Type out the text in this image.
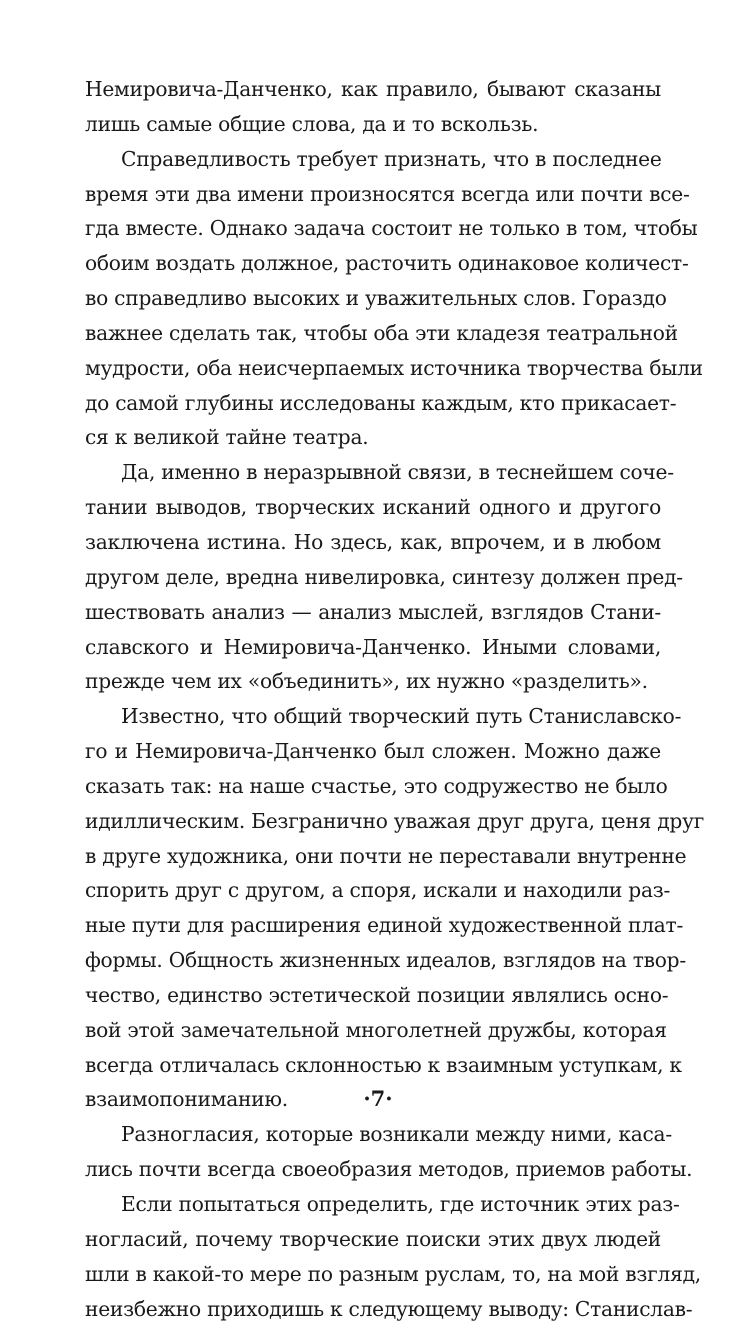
Немировича-Данченко, как правило, бывают сказаны
лишь самые общие слова, да и то вскользь.
Справедливость требует признать, что в последнее
время эти два имени произносятся всегда или почти все-
гда вместе. Однако задача состоит не только в том, чтобы
обоим воздать должное, расточить одинаковое количест-
во справедливо высоких и уважительных слов. Гораздо
важнее сделать так, чтобы оба эти кладезя театральной
мудрости, оба неисчерпаемых источника творчества были
до самой глубины исследованы каждым, кто прикасает-
ся к великой тайне театра.
Да, именно в неразрывной связи, в теснейшем соче-
тании выводов, творческих исканий одного и другого
заключена истина. Но здесь, как, впрочем, и в любом
другом деле, вредна нивелировка, синтезу должен пред-
шествовать анализ — анализ мыслей, взглядов Стани-
славского и Немировича-Данченко. Иными словами,
прежде чем их «объединить», их нужно «разделить».
Известно, что общий творческий путь Станиславско-
го и Немировича-Данченко был сложен. Можно даже
сказать так: на наше счастье, это содружество не было
идиллическим. Безгранично уважая друг друга, ценя друг
в друге художника, они почти не переставали внутренне
спорить друг с другом, а споря, искали и находили раз-
ные пути для расширения единой художественной плат-
формы. Общность жизненных идеалов, взглядов на твор-
чество, единство эстетической позиции являлись осно-
вой этой замечательной многолетней дружбы, которая
всегда отличалась склонностью к взаимным уступкам, к
взаимопониманию.
Разногласия, которые возникали между ними, каса-
лись почти всегда своеобразия методов, приемов работы.
Если попытаться определить, где источник этих раз-
ногласий, почему творческие поиски этих двух людей
шли в какой-то мере по разным руслам, то, на мой взгляд,
неизбежно приходишь к следующему выводу: Станислав-
·7·
